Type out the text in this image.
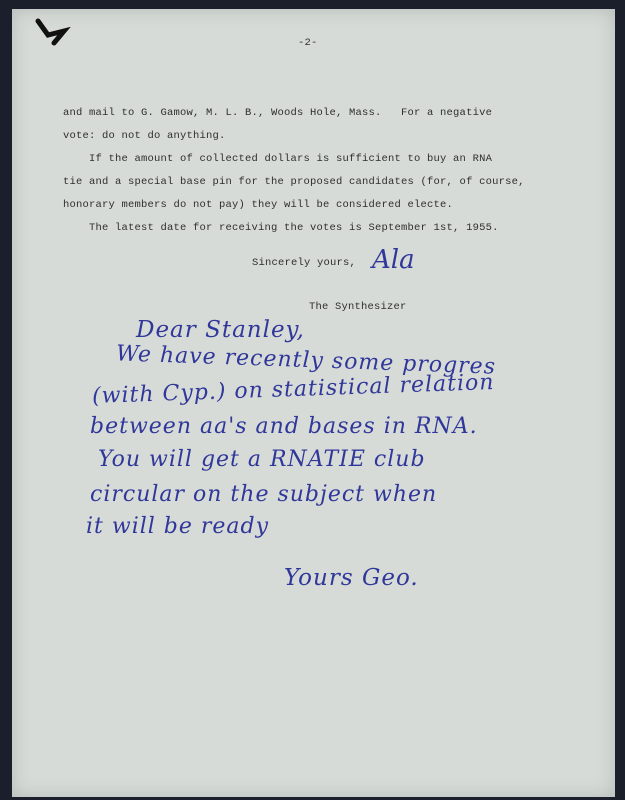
-2-
and mail to G. Gamow, M. L. B., Woods Hole, Mass.   For a negative
vote: do not do anything.
If the amount of collected dollars is sufficient to buy an RNA
tie and a special base pin for the proposed candidates (for, of course,
honorary members do not pay) they will be considered electe.
The latest date for receiving the votes is September 1st, 1955.
Sincerely yours, Ala
The Synthesizer
Dear Stanley,
We have recently some progres
(with Cyp.) on statistical relation
between aa's and bases in RNA.
You will get a RNATIE club
circular on the subject when
it will be ready
Yours Geo.
